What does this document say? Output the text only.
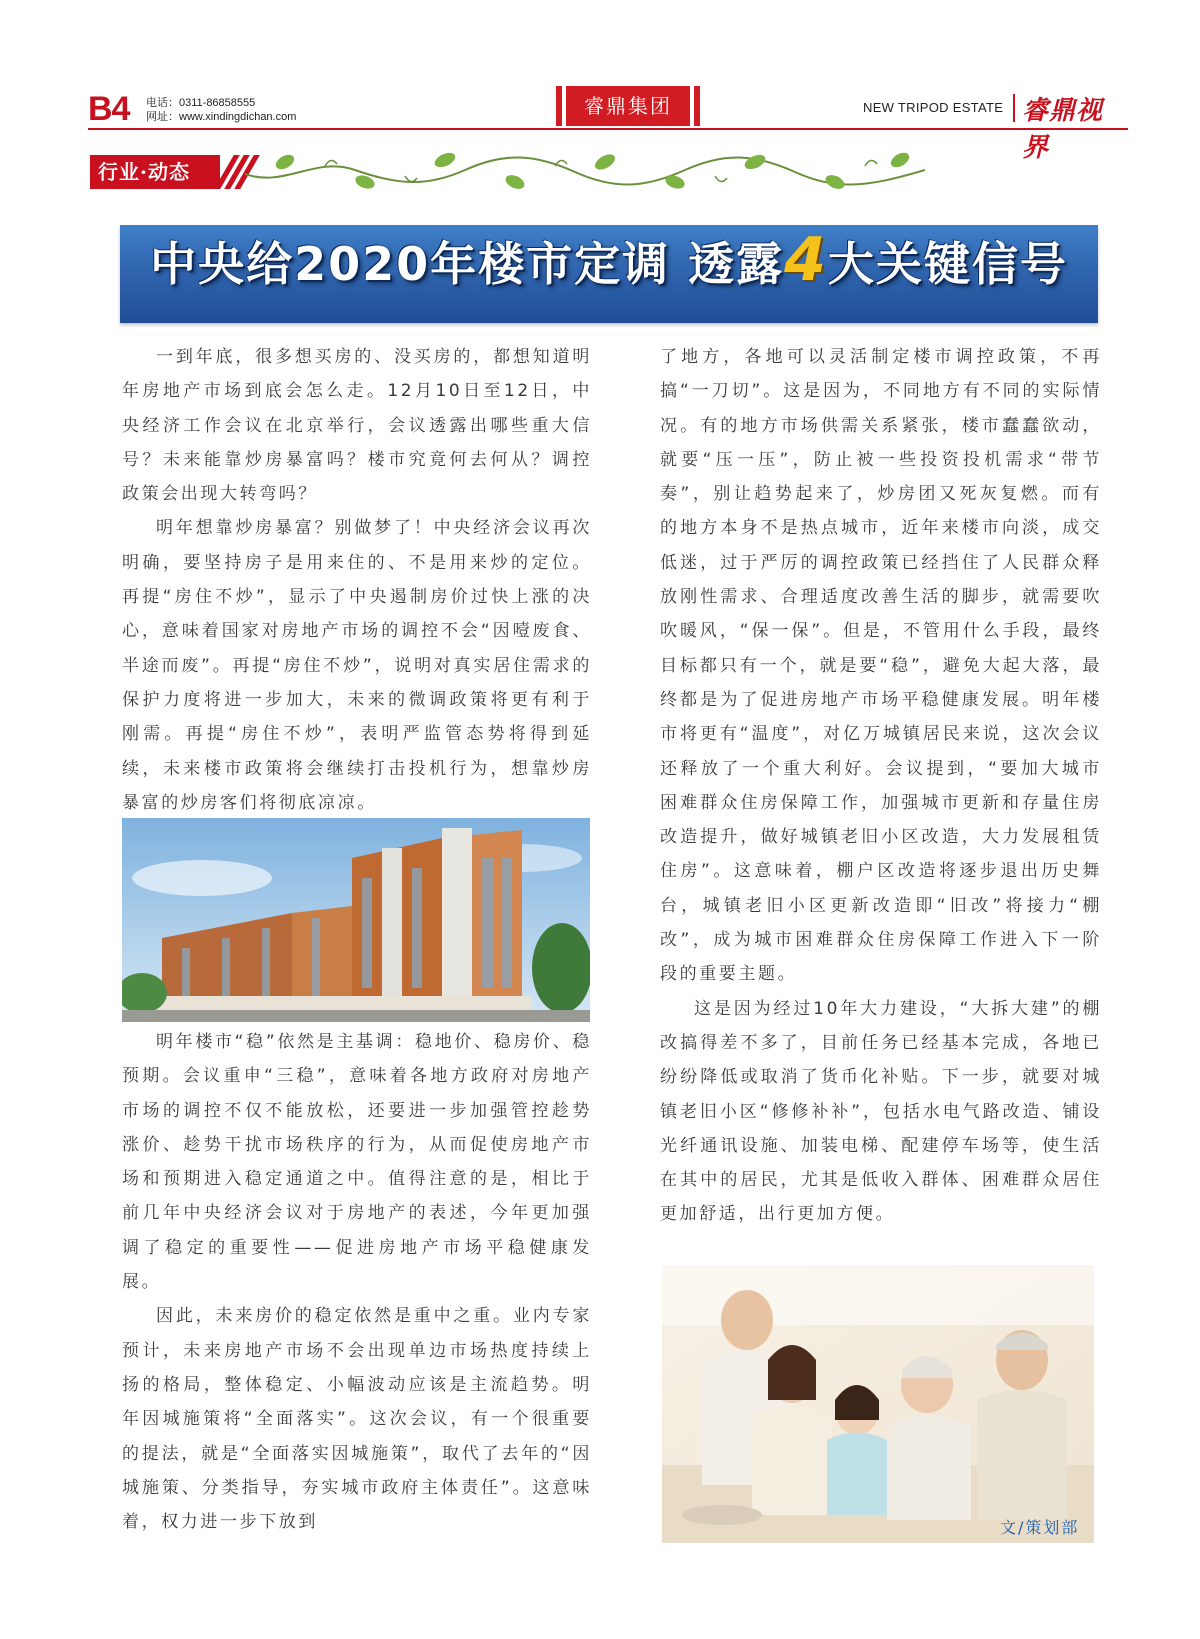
B4 电话：0311-86858555
网址：www.xindingdichan.com	睿鼎集团	NEW TRIPOD ESTATE 睿鼎视界
行业·动态
中央给2020年楼市定调 透露4大关键信号

一到年底，很多想买房的、没买房的，都想知道明年房地产市场到底会怎么走。12月10日至12日，中央经济工作会议在北京举行，会议透露出哪些重大信号？未来能靠炒房暴富吗？楼市究竟何去何从？调控政策会出现大转弯吗？

明年想靠炒房暴富？别做梦了！中央经济会议再次明确，要坚持房子是用来住的、不是用来炒的定位。再提“房住不炒”，显示了中央遏制房价过快上涨的决心，意味着国家对房地产市场的调控不会“因噎废食、半途而废”。再提“房住不炒”，说明对真实居住需求的保护力度将进一步加大，未来的微调政策将更有利于刚需。再提“房住不炒”，表明严监管态势将得到延续，未来楼市政策将会继续打击投机行为，想靠炒房暴富的炒房客们将彻底凉凉。

明年楼市“稳”依然是主基调：稳地价、稳房价、稳预期。会议重申“三稳”，意味着各地方政府对房地产市场的调控不仅不能放松，还要进一步加强管控趁势涨价、趁势干扰市场秩序的行为，从而促使房地产市场和预期进入稳定通道之中。值得注意的是，相比于前几年中央经济会议对于房地产的表述，今年更加强调了稳定的重要性——促进房地产市场平稳健康发展。

因此，未来房价的稳定依然是重中之重。业内专家预计，未来房地产市场不会出现单边市场热度持续上扬的格局，整体稳定、小幅波动应该是主流趋势。明年因城施策将“全面落实”。这次会议，有一个很重要的提法，就是“全面落实因城施策”，取代了去年的“因城施策、分类指导，夯实城市政府主体责任”。这意味着，权力进一步下放到

了地方，各地可以灵活制定楼市调控政策，不再搞“一刀切”。这是因为，不同地方有不同的实际情况。有的地方市场供需关系紧张，楼市蠢蠢欲动，就要“压一压”，防止被一些投资投机需求“带节奏”，别让趋势起来了，炒房团又死灰复燃。而有的地方本身不是热点城市，近年来楼市向淡，成交低迷，过于严厉的调控政策已经挡住了人民群众释放刚性需求、合理适度改善生活的脚步，就需要吹吹暖风，“保一保”。但是，不管用什么手段，最终目标都只有一个，就是要“稳”，避免大起大落，最终都是为了促进房地产市场平稳健康发展。明年楼市将更有“温度”，对亿万城镇居民来说，这次会议还释放了一个重大利好。会议提到，“要加大城市困难群众住房保障工作，加强城市更新和存量住房改造提升，做好城镇老旧小区改造，大力发展租赁住房”。这意味着，棚户区改造将逐步退出历史舞台，城镇老旧小区更新改造即“旧改”将接力“棚改”，成为城市困难群众住房保障工作进入下一阶段的重要主题。

这是因为经过10年大力建设，“大拆大建”的棚改搞得差不多了，目前任务已经基本完成，各地已纷纷降低或取消了货币化补贴。下一步，就要对城镇老旧小区“修修补补”，包括水电气路改造、铺设光纤通讯设施、加装电梯、配建停车场等，使生活在其中的居民，尤其是低收入群体、困难群众居住更加舒适，出行更加方便。

文/策划部
